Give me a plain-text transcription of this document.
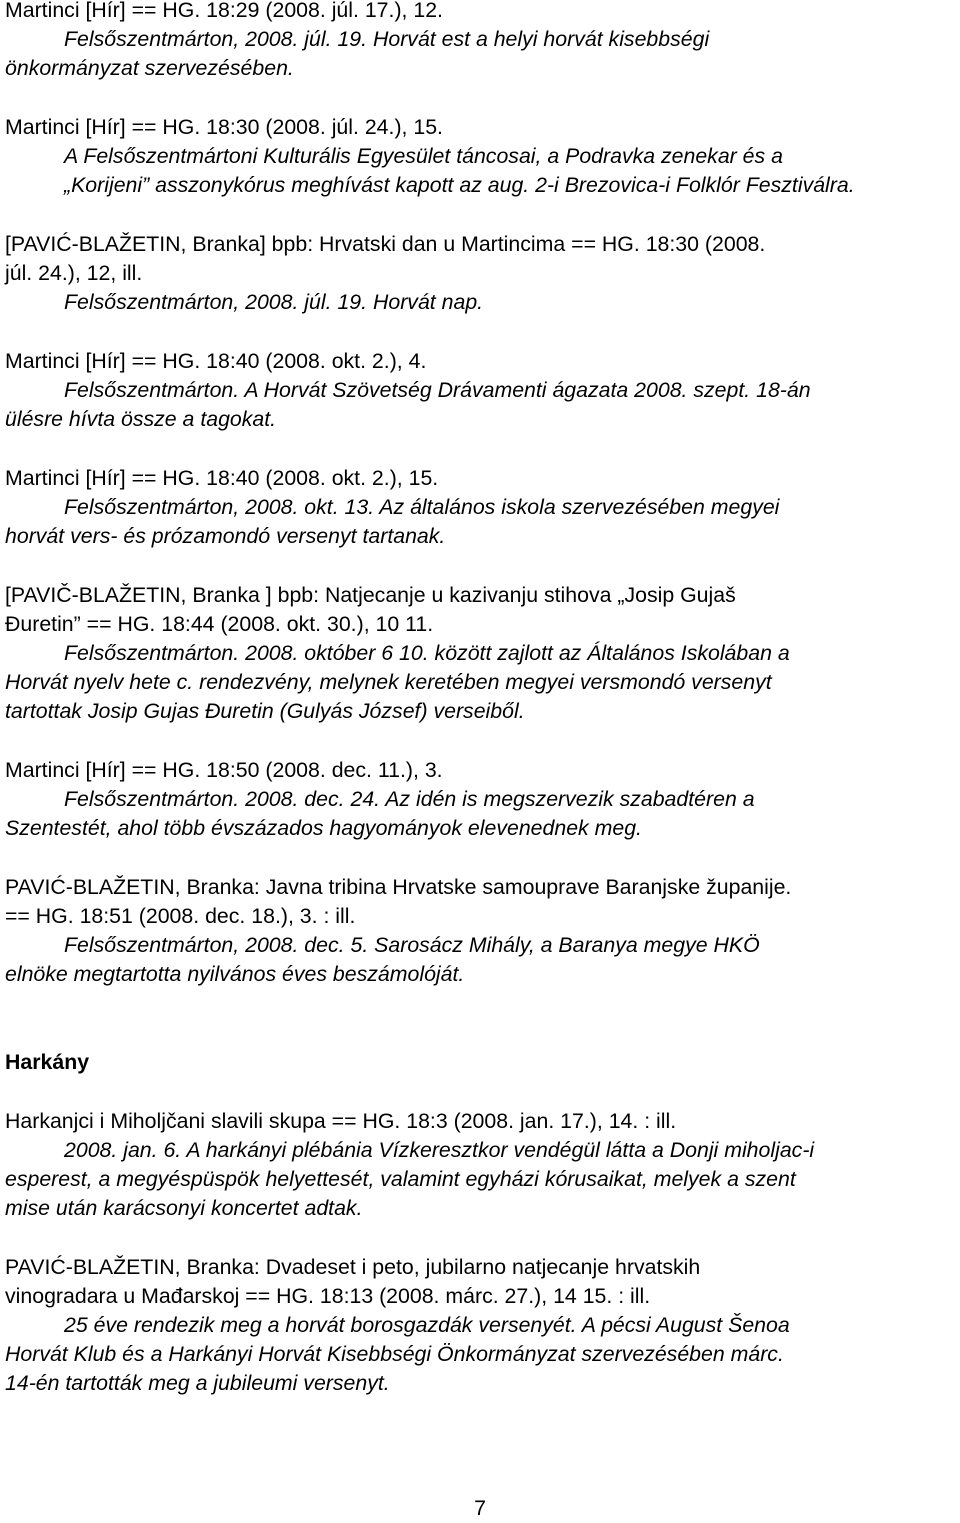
Martinci [Hír] == HG. 18:29 (2008. júl. 17.), 12.
Felsőszentmárton, 2008. júl. 19. Horvát est a helyi horvát kisebbségi
önkormányzat szervezésében.
Martinci [Hír] == HG. 18:30 (2008. júl. 24.), 15.
A Felsőszentmártoni Kulturális Egyesület táncosai, a Podravka zenekar és a
„Korijeni” asszonykórus meghívást kapott az aug. 2-i Brezovica-i Folklór Fesztiválra.
[PAVIĆ-BLAŽETIN, Branka] bpb: Hrvatski dan u Martincima == HG. 18:30 (2008.
júl. 24.), 12, ill.
Felsőszentmárton, 2008. júl. 19. Horvát nap.
Martinci [Hír] == HG. 18:40 (2008. okt. 2.), 4.
Felsőszentmárton. A Horvát Szövetség Drávamenti ágazata 2008. szept. 18-án
ülésre hívta össze a tagokat.
Martinci [Hír] == HG. 18:40 (2008. okt. 2.), 15.
Felsőszentmárton, 2008. okt. 13. Az általános iskola szervezésében megyei
horvát vers- és prózamondó versenyt tartanak.
[PAVIČ-BLAŽETIN, Branka ] bpb: Natjecanje u kazivanju stihova „Josip Gujaš
Đuretin” == HG. 18:44 (2008. okt. 30.), 10 11.
Felsőszentmárton. 2008. október 6 10. között zajlott az Általános Iskolában a
Horvát nyelv hete c. rendezvény, melynek keretében megyei versmondó versenyt
tartottak Josip Gujas Đuretin (Gulyás József) verseiből.
Martinci [Hír] == HG. 18:50 (2008. dec. 11.), 3.
Felsőszentmárton. 2008. dec. 24. Az idén is megszervezik szabadtéren a
Szentestét, ahol több évszázados hagyományok elevenednek meg.
PAVIĆ-BLAŽETIN, Branka: Javna tribina Hrvatske samouprave Baranjske županije.
== HG. 18:51 (2008. dec. 18.), 3. : ill.
Felsőszentmárton, 2008. dec. 5. Sarosácz Mihály, a Baranya megye HKÖ
elnöke megtartotta nyilvános éves beszámolóját.
Harkány
Harkanjci i Miholjčani slavili skupa == HG. 18:3 (2008. jan. 17.), 14. : ill.
2008. jan. 6. A harkányi plébánia Vízkeresztkor vendégül látta a Donji miholjac-i
esperest, a megyéspüspök helyettesét, valamint egyházi kórusaikat, melyek a szent
mise után karácsonyi koncertet adtak.
PAVIĆ-BLAŽETIN, Branka: Dvadeset i peto, jubilarno natjecanje hrvatskih
vinogradara u Mađarskoj == HG. 18:13 (2008. márc. 27.), 14 15. : ill.
25 éve rendezik meg a horvát borosgazdák versenyét. A pécsi August Šenoa
Horvát Klub és a Harkányi Horvát Kisebbségi Önkormányzat szervezésében márc.
14-én tartották meg a jubileumi versenyt.
7
